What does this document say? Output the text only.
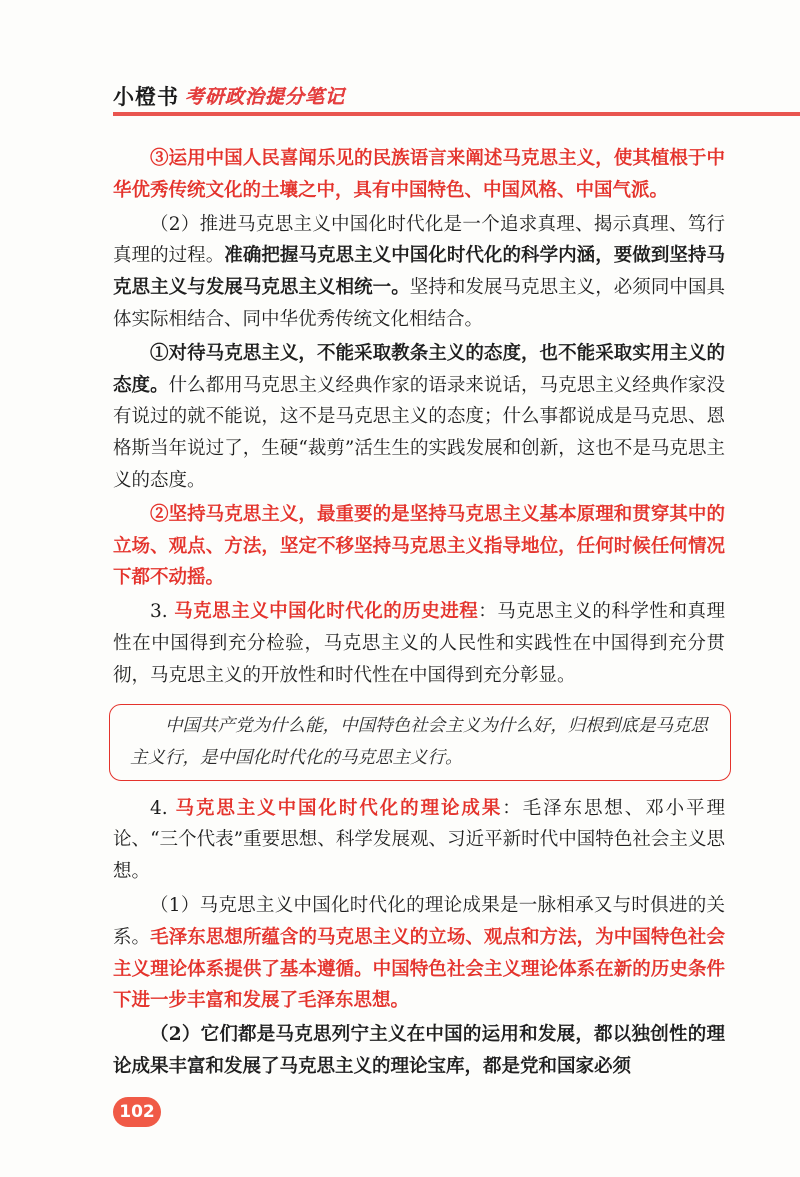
小橙书 考研政治提分笔记

③运用中国人民喜闻乐见的民族语言来阐述马克思主义，使其植根于中华优秀传统文化的土壤之中，具有中国特色、中国风格、中国气派。

（2）推进马克思主义中国化时代化是一个追求真理、揭示真理、笃行真理的过程。准确把握马克思主义中国化时代化的科学内涵，要做到坚持马克思主义与发展马克思主义相统一。坚持和发展马克思主义，必须同中国具体实际相结合、同中华优秀传统文化相结合。

①对待马克思主义，不能采取教条主义的态度，也不能采取实用主义的态度。什么都用马克思主义经典作家的语录来说话，马克思主义经典作家没有说过的就不能说，这不是马克思主义的态度；什么事都说成是马克思、恩格斯当年说过了，生硬“裁剪”活生生的实践发展和创新，这也不是马克思主义的态度。

②坚持马克思主义，最重要的是坚持马克思主义基本原理和贯穿其中的立场、观点、方法，坚定不移坚持马克思主义指导地位，任何时候任何情况下都不动摇。

3. 马克思主义中国化时代化的历史进程：马克思主义的科学性和真理性在中国得到充分检验，马克思主义的人民性和实践性在中国得到充分贯彻，马克思主义的开放性和时代性在中国得到充分彰显。

中国共产党为什么能，中国特色社会主义为什么好，归根到底是马克思主义行，是中国化时代化的马克思主义行。

4. 马克思主义中国化时代化的理论成果：毛泽东思想、邓小平理论、“三个代表”重要思想、科学发展观、习近平新时代中国特色社会主义思想。

（1）马克思主义中国化时代化的理论成果是一脉相承又与时俱进的关系。毛泽东思想所蕴含的马克思主义的立场、观点和方法，为中国特色社会主义理论体系提供了基本遵循。中国特色社会主义理论体系在新的历史条件下进一步丰富和发展了毛泽东思想。

（2）它们都是马克思列宁主义在中国的运用和发展，都以独创性的理论成果丰富和发展了马克思主义的理论宝库，都是党和国家必须

102
